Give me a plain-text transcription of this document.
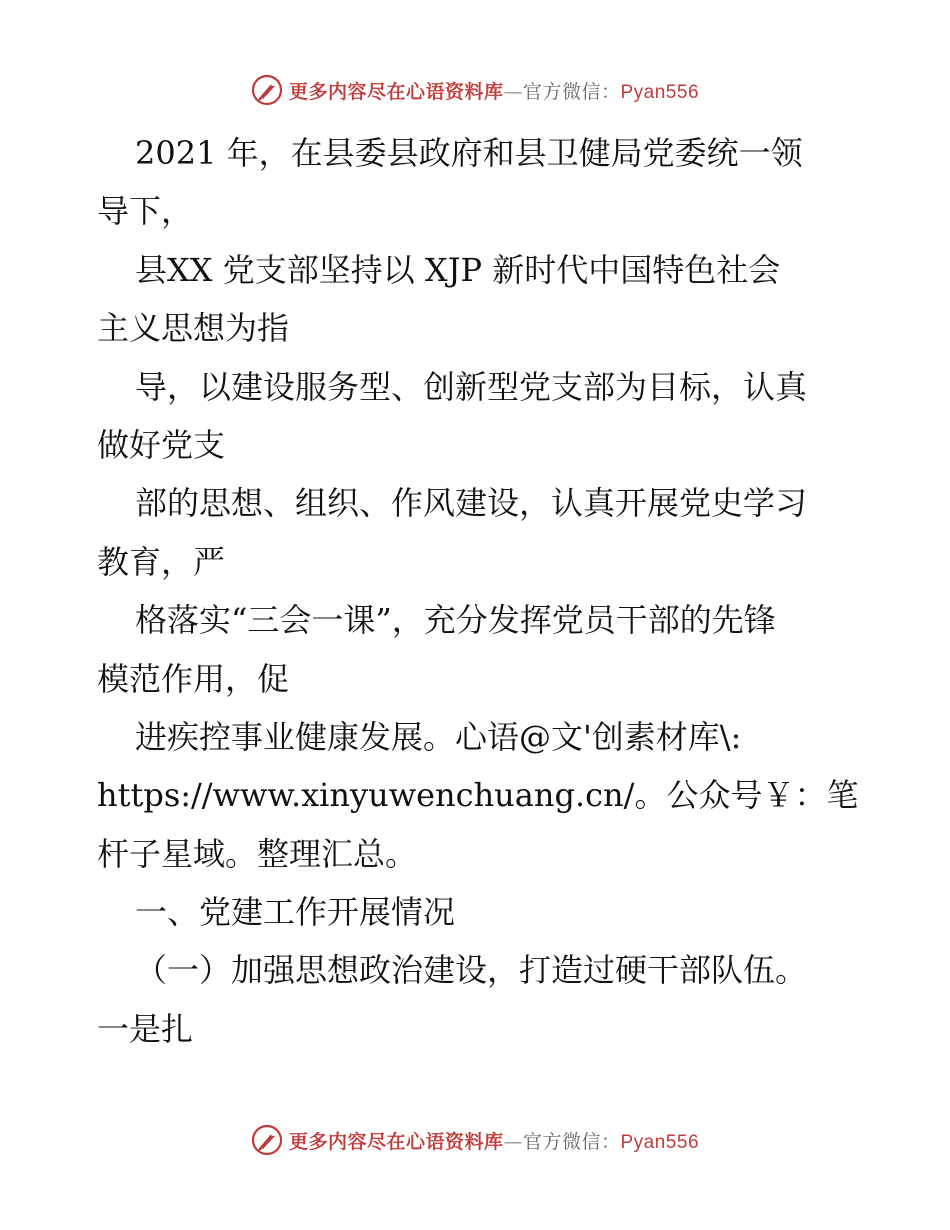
更多内容尽在心语资料库—官方微信：Pyan556
2021 年，在县委县政府和县卫健局党委统一领
导下，
县XX 党支部坚持以 XJP 新时代中国特色社会
主义思想为指
导，以建设服务型、创新型党支部为目标，认真
做好党支
部的思想、组织、作风建设，认真开展党史学习
教育，严
格落实“三会一课”，充分发挥党员干部的先锋
模范作用，促
进疾控事业健康发展。心语@文'创素材库\:
https://www.xinyuwenchuang.cn/。公众号￥：笔
杆子星域。整理汇总。
一、党建工作开展情况
（一）加强思想政治建设，打造过硬干部队伍。
一是扎
更多内容尽在心语资料库—官方微信：Pyan556
